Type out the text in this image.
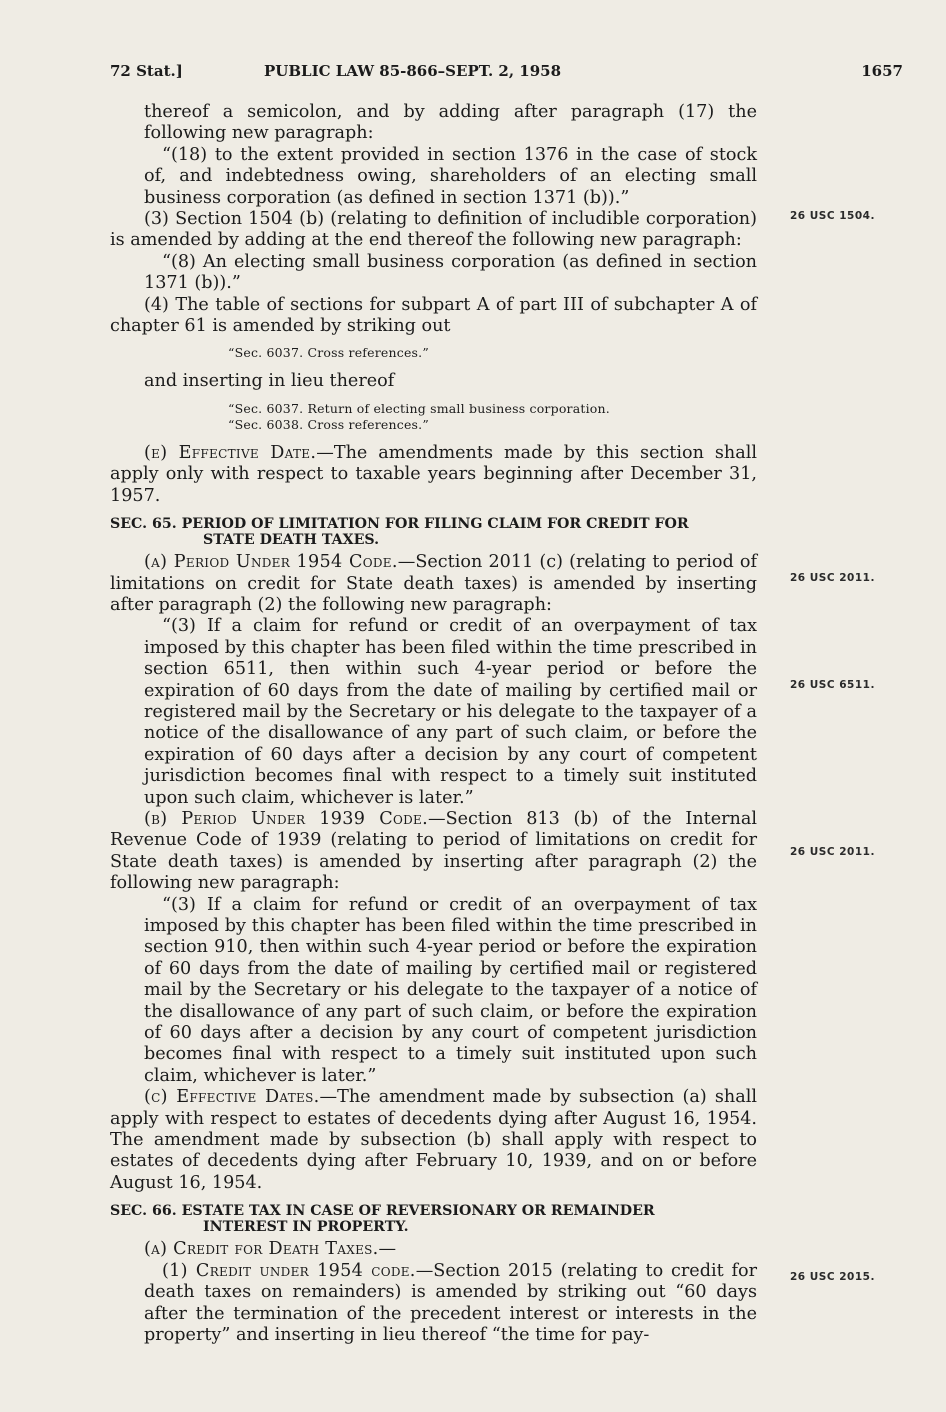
72 Stat.]	PUBLIC LAW 85-866–SEPT. 2, 1958	1657

thereof a semicolon, and by adding after paragraph (17) the following new paragraph:

“(18) to the extent provided in section 1376 in the case of stock of, and indebtedness owing, shareholders of an electing small business corporation (as defined in section 1371 (b)).”

(3) Section 1504 (b) (relating to definition of includible corporation) is amended by adding at the end thereof the following new paragraph:

“(8) An electing small business corporation (as defined in section 1371 (b)).”

(4) The table of sections for subpart A of part III of subchapter A of chapter 61 is amended by striking out

“Sec. 6037. Cross references.”

and inserting in lieu thereof

“Sec. 6037. Return of electing small business corporation.

“Sec. 6038. Cross references.”

(e) Effective Date.—The amendments made by this section shall apply only with respect to taxable years beginning after December 31, 1957.

SEC. 65. PERIOD OF LIMITATION FOR FILING CLAIM FOR CREDIT FOR
STATE DEATH TAXES.

(a) Period Under 1954 Code.—Section 2011 (c) (relating to period of limitations on credit for State death taxes) is amended by inserting after paragraph (2) the following new paragraph:

“(3) If a claim for refund or credit of an overpayment of tax imposed by this chapter has been filed within the time prescribed in section 6511, then within such 4-year period or before the expiration of 60 days from the date of mailing by certified mail or registered mail by the Secretary or his delegate to the taxpayer of a notice of the disallowance of any part of such claim, or before the expiration of 60 days after a decision by any court of competent jurisdiction becomes final with respect to a timely suit instituted upon such claim, whichever is later.”

(b) Period Under 1939 Code.—Section 813 (b) of the Internal Revenue Code of 1939 (relating to period of limitations on credit for State death taxes) is amended by inserting after paragraph (2) the following new paragraph:

“(3) If a claim for refund or credit of an overpayment of tax imposed by this chapter has been filed within the time prescribed in section 910, then within such 4-year period or before the expiration of 60 days from the date of mailing by certified mail or registered mail by the Secretary or his delegate to the taxpayer of a notice of the disallowance of any part of such claim, or before the expiration of 60 days after a decision by any court of competent jurisdiction becomes final with respect to a timely suit instituted upon such claim, whichever is later.”

(c) Effective Dates.—The amendment made by subsection (a) shall apply with respect to estates of decedents dying after August 16, 1954. The amendment made by subsection (b) shall apply with respect to estates of decedents dying after February 10, 1939, and on or before August 16, 1954.

SEC. 66. ESTATE TAX IN CASE OF REVERSIONARY OR REMAINDER
INTEREST IN PROPERTY.

(a) Credit for Death Taxes.—

(1) Credit under 1954 code.—Section 2015 (relating to credit for death taxes on remainders) is amended by striking out “60 days after the termination of the precedent interest or interests in the property” and inserting in lieu thereof “the time for pay-

26 USC 1504.
26 USC 2011.
26 USC 6511.
26 USC 2011.
26 USC 2015.
